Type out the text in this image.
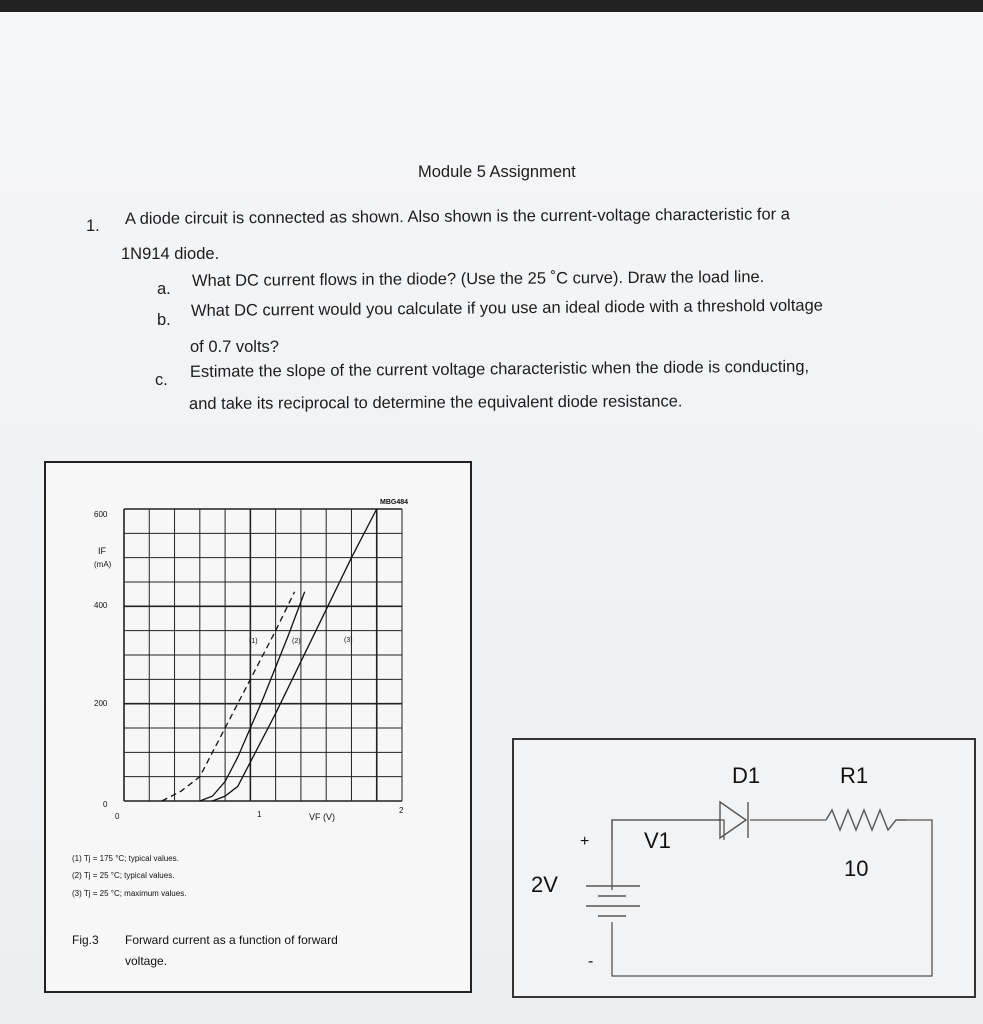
Module 5 Assignment
1. A diode circuit is connected as shown. Also shown is the current-voltage characteristic for a
1N914 diode.
a. What DC current flows in the diode? (Use the 25 ˚C curve). Draw the load line.
b.
What DC current would you calculate if you use an ideal diode with a threshold voltage
of 0.7 volts?
c. Estimate the slope of the current voltage characteristic when the diode is conducting,
and take its reciprocal to determine the equivalent diode resistance.
MBG484
600
IF
(mA)
400
200
0
0	1	2
VF (V)
(1)	(2)	(3)
(1) Tj = 175 °C; typical values.
(2) Tj = 25 °C; typical values.
(3) Tj = 25 °C; maximum values.
Fig.3 Forward current as a function of forward
voltage.
D1	R1
V1
10
2V
+
-
